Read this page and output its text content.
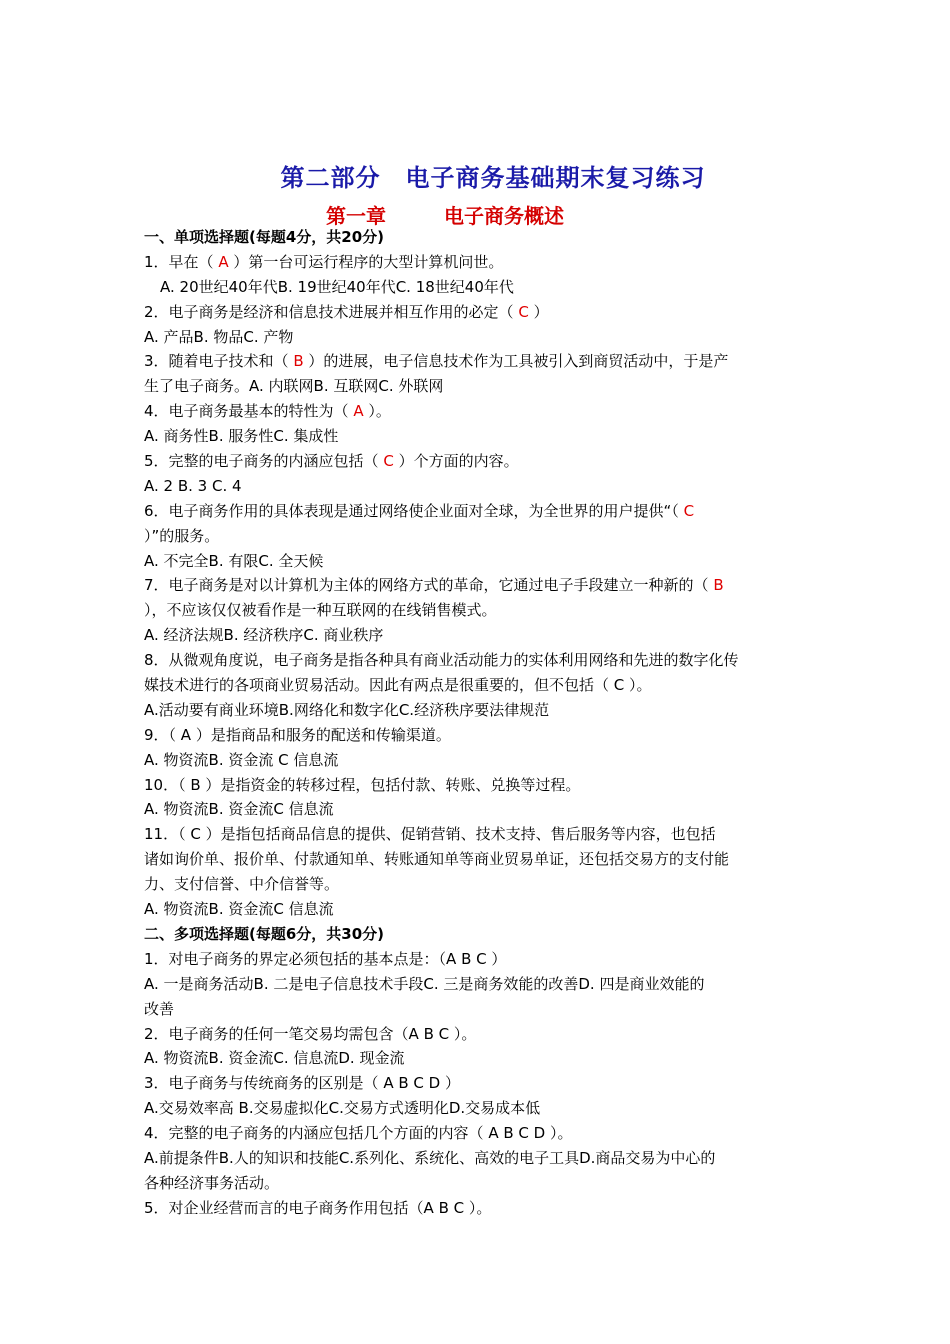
第二部分　电子商务基础期末复习练习
第一章	电子商务概述
一、单项选择题(每题4分，共20分)
1．早在（ A ）第一台可运行程序的大型计算机问世。
A. 20世纪40年代B. 19世纪40年代C. 18世纪40年代
2．电子商务是经济和信息技术进展并相互作用的必定（ C ）
A. 产品B. 物品C. 产物
3．随着电子技术和（ B ）的进展，电子信息技术作为工具被引入到商贸活动中，于是产
生了电子商务。A. 内联网B. 互联网C. 外联网
4．电子商务最基本的特性为（ A ）。
A. 商务性B. 服务性C. 集成性
5．完整的电子商务的内涵应包括（ C ）个方面的内容。
A. 2 B. 3 C. 4
6．电子商务作用的具体表现是通过网络使企业面对全球，为全世界的用户提供“（ C
）”的服务。
A. 不完全B. 有限C. 全天候
7．电子商务是对以计算机为主体的网络方式的革命，它通过电子手段建立一种新的（ B
），不应该仅仅被看作是一种互联网的在线销售模式。
A. 经济法规B. 经济秩序C. 商业秩序
8．从微观角度说，电子商务是指各种具有商业活动能力的实体利用网络和先进的数字化传
媒技术进行的各项商业贸易活动。因此有两点是很重要的，但不包括（ C ）。
A.活动要有商业环境B.网络化和数字化C.经济秩序要法律规范
9．（ A ）是指商品和服务的配送和传输渠道。
A. 物资流B. 资金流 C 信息流
10．（ B ）是指资金的转移过程，包括付款、转账、兑换等过程。
A. 物资流B. 资金流C 信息流
11．（ C ）是指包括商品信息的提供、促销营销、技术支持、售后服务等内容，也包括
诸如询价单、报价单、付款通知单、转账通知单等商业贸易单证，还包括交易方的支付能
力、支付信誉、中介信誉等。
A. 物资流B. 资金流C 信息流
二、多项选择题(每题6分，共30分)
1．对电子商务的界定必须包括的基本点是：（A B C ）
A. 一是商务活动B. 二是电子信息技术手段C. 三是商务效能的改善D. 四是商业效能的
改善
2．电子商务的任何一笔交易均需包含（A B C ）。
A. 物资流B. 资金流C. 信息流D. 现金流
3．电子商务与传统商务的区别是（ A B C D ）
A.交易效率高 B.交易虚拟化C.交易方式透明化D.交易成本低
4．完整的电子商务的内涵应包括几个方面的内容（ A B C D ）。
A.前提条件B.人的知识和技能C.系列化、系统化、高效的电子工具D.商品交易为中心的
各种经济事务活动。
5．对企业经营而言的电子商务作用包括（A B C ）。
